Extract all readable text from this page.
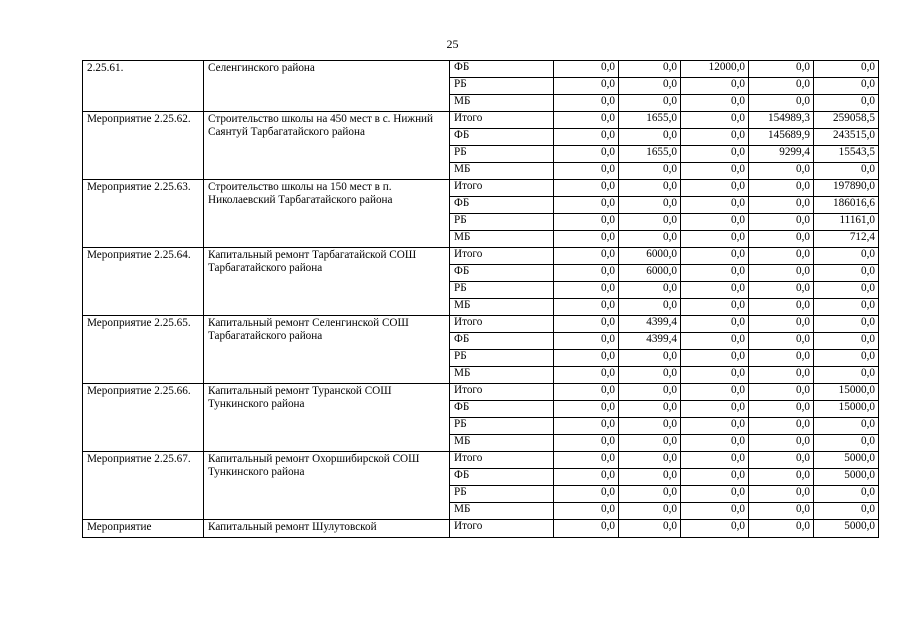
25
2.25.61.	Селенгинского района	ФБ	0,0	0,0	12000,0	0,0	0,0
		РБ	0,0	0,0	0,0	0,0	0,0
		МБ	0,0	0,0	0,0	0,0	0,0
Мероприятие 2.25.62.	Строительство школы на 450 мест в с. Нижний Саянтуй Тарбагатайского района	Итого	0,0	1655,0	0,0	154989,3	259058,5
		ФБ	0,0	0,0	0,0	145689,9	243515,0
		РБ	0,0	1655,0	0,0	9299,4	15543,5
		МБ	0,0	0,0	0,0	0,0	0,0
Мероприятие 2.25.63.	Строительство школы на 150 мест в п. Николаевский Тарбагатайского района	Итого	0,0	0,0	0,0	0,0	197890,0
		ФБ	0,0	0,0	0,0	0,0	186016,6
		РБ	0,0	0,0	0,0	0,0	11161,0
		МБ	0,0	0,0	0,0	0,0	712,4
Мероприятие 2.25.64.	Капитальный ремонт Тарбагатайской СОШ Тарбагатайского района	Итого	0,0	6000,0	0,0	0,0	0,0
		ФБ	0,0	6000,0	0,0	0,0	0,0
		РБ	0,0	0,0	0,0	0,0	0,0
		МБ	0,0	0,0	0,0	0,0	0,0
Мероприятие 2.25.65.	Капитальный ремонт Селенгинской СОШ Тарбагатайского района	Итого	0,0	4399,4	0,0	0,0	0,0
		ФБ	0,0	4399,4	0,0	0,0	0,0
		РБ	0,0	0,0	0,0	0,0	0,0
		МБ	0,0	0,0	0,0	0,0	0,0
Мероприятие 2.25.66.	Капитальный ремонт Туранской СОШ Тункинского района	Итого	0,0	0,0	0,0	0,0	15000,0
		ФБ	0,0	0,0	0,0	0,0	15000,0
		РБ	0,0	0,0	0,0	0,0	0,0
		МБ	0,0	0,0	0,0	0,0	0,0
Мероприятие 2.25.67.	Капитальный ремонт Охоршибирской СОШ Тункинского района	Итого	0,0	0,0	0,0	0,0	5000,0
		ФБ	0,0	0,0	0,0	0,0	5000,0
		РБ	0,0	0,0	0,0	0,0	0,0
		МБ	0,0	0,0	0,0	0,0	0,0
Мероприятие	Капитальный ремонт Шулутовской	Итого	0,0	0,0	0,0	0,0	5000,0
